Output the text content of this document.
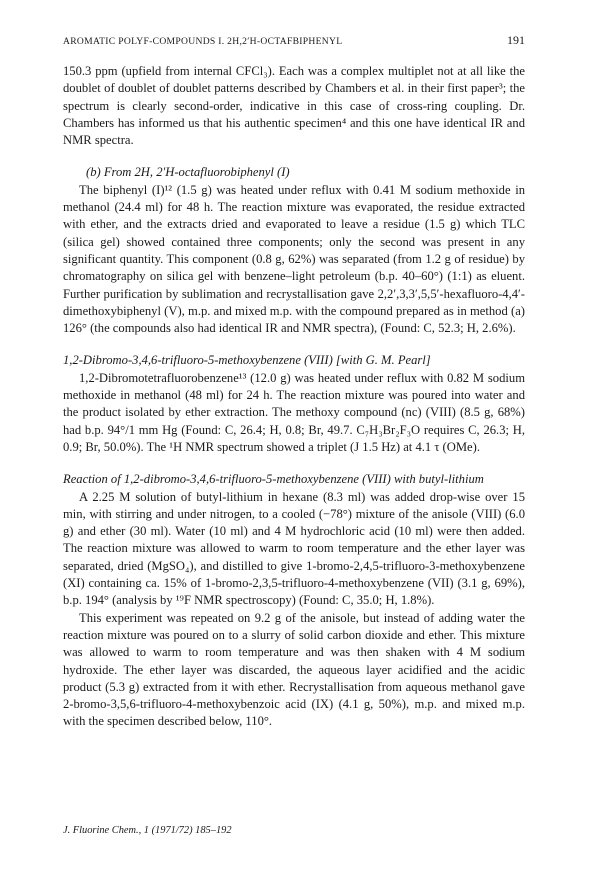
AROMATIC POLYF-COMPOUNDS I. 2H,2′H-OCTAFBIPHENYL	191

150.3 ppm (upfield from internal CFCl₃). Each was a complex multiplet not at all like the doublet of doublet of doublet patterns described by Chambers et al. in their first paper³; the spectrum is clearly second-order, indicative in this case of cross-ring coupling. Dr. Chambers has informed us that his authentic specimen⁴ and this one have identical IR and NMR spectra.

(b) From 2H, 2′H-octafluorobiphenyl (I)

The biphenyl (I)¹² (1.5 g) was heated under reflux with 0.41 M sodium methoxide in methanol (24.4 ml) for 48 h. The reaction mixture was evaporated, the residue extracted with ether, and the extracts dried and evaporated to leave a residue (1.5 g) which TLC (silica gel) showed contained three components; only the second was present in any significant quantity. This component (0.8 g, 62%) was separated (from 1.2 g of residue) by chromatography on silica gel with benzene–light petroleum (b.p. 40–60°) (1:1) as eluent. Further purification by sublimation and recrystallisation gave 2,2′,3,3′,5,5′-hexafluoro-4,4′-dimethoxybiphenyl (V), m.p. and mixed m.p. with the compound prepared as in method (a) 126° (the compounds also had identical IR and NMR spectra), (Found: C, 52.3; H, 2.6%).

1,2-Dibromo-3,4,6-trifluoro-5-methoxybenzene (VIII) [with G. M. Pearl]

1,2-Dibromotetrafluorobenzene¹³ (12.0 g) was heated under reflux with 0.82 M sodium methoxide in methanol (48 ml) for 24 h. The reaction mixture was poured into water and the product isolated by ether extraction. The methoxy compound (nc) (VIII) (8.5 g, 68%) had b.p. 94°/1 mm Hg (Found: C, 26.4; H, 0.8; Br, 49.7. C₇H₃Br₂F₃O requires C, 26.3; H, 0.9; Br, 50.0%). The ¹H NMR spectrum showed a triplet (J 1.5 Hz) at 4.1 τ (OMe).

Reaction of 1,2-dibromo-3,4,6-trifluoro-5-methoxybenzene (VIII) with butyl-lithium

A 2.25 M solution of butyl-lithium in hexane (8.3 ml) was added drop-wise over 15 min, with stirring and under nitrogen, to a cooled (−78°) mixture of the anisole (VIII) (6.0 g) and ether (30 ml). Water (10 ml) and 4 M hydrochloric acid (10 ml) were then added. The reaction mixture was allowed to warm to room temperature and the ether layer was separated, dried (MgSO₄), and distilled to give 1-bromo-2,4,5-trifluoro-3-methoxybenzene (XI) containing ca. 15% of 1-bromo-2,3,5-trifluoro-4-methoxybenzene (VII) (3.1 g, 69%), b.p. 194° (analysis by ¹⁹F NMR spectroscopy) (Found: C, 35.0; H, 1.8%).

This experiment was repeated on 9.2 g of the anisole, but instead of adding water the reaction mixture was poured on to a slurry of solid carbon dioxide and ether. This mixture was allowed to warm to room temperature and was then shaken with 4 M sodium hydroxide. The ether layer was discarded, the aqueous layer acidified and the acidic product (5.3 g) extracted from it with ether. Recrystallisation from aqueous methanol gave 2-bromo-3,5,6-trifluoro-4-methoxybenzoic acid (IX) (4.1 g, 50%), m.p. and mixed m.p. with the specimen described below, 110°.

J. Fluorine Chem., 1 (1971/72) 185–192
